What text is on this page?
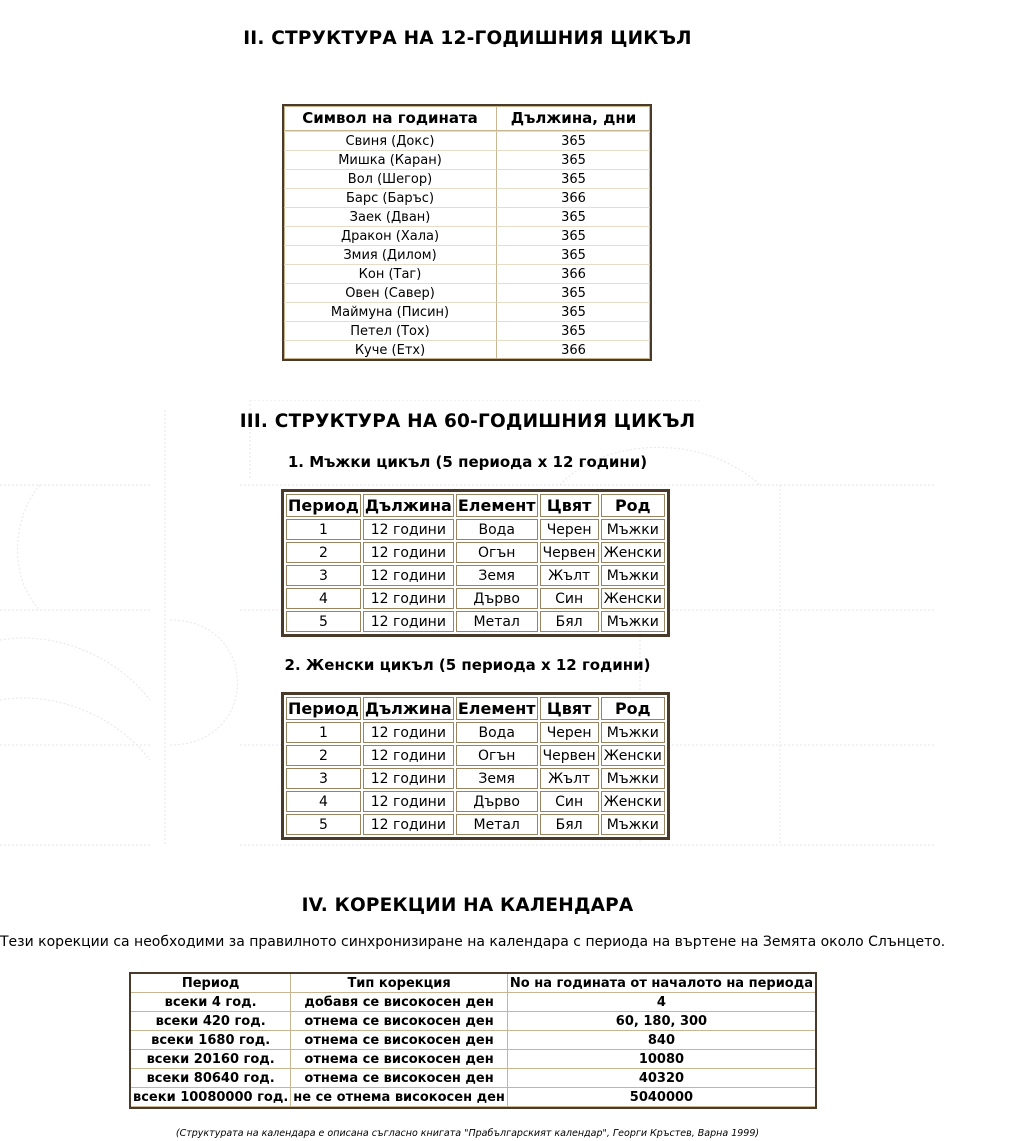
II. СТРУКТУРА НА 12-ГОДИШНИЯ ЦИКЪЛ
Символ на годината	Дължина, дни
Свиня (Докс)	365
Мишка (Каран)	365
Вол (Шегор)	365
Барс (Баръс)	366
Заек (Дван)	365
Дракон (Хала)	365
Змия (Дилом)	365
Кон (Таг)	366
Овен (Савер)	365
Маймуна (Писин)	365
Петел (Тох)	365
Куче (Етх)	366
III. СТРУКТУРА НА 60-ГОДИШНИЯ ЦИКЪЛ
1. Мъжки цикъл (5 периода х 12 години)
Период	Дължина	Елемент	Цвят	Род
1	12 години	Вода	Черен	Мъжки
2	12 години	Огън	Червен	Женски
3	12 години	Земя	Жълт	Мъжки
4	12 години	Дърво	Син	Женски
5	12 години	Метал	Бял	Мъжки
2. Женски цикъл (5 периода х 12 години)
Период	Дължина	Елемент	Цвят	Род
1	12 години	Вода	Черен	Мъжки
2	12 години	Огън	Червен	Женски
3	12 години	Земя	Жълт	Мъжки
4	12 години	Дърво	Син	Женски
5	12 години	Метал	Бял	Мъжки
IV. КОРЕКЦИИ НА КАЛЕНДАРА
Тези корекции са необходими за правилното синхронизиране на календара с периода на въртене на Земята около Слънцето.
Период	Тип корекция	No на годината от началото на периода
всеки 4 год.	добавя се високосен ден	4
всеки 420 год.	отнема се високосен ден	60, 180, 300
всеки 1680 год.	отнема се високосен ден	840
всеки 20160 год.	отнема се високосен ден	10080
всеки 80640 год.	отнема се високосен ден	40320
всеки 10080000 год.	не се отнема високосен ден	5040000
(Структурата на календара е описана съгласно книгата "Прабългарският календар", Георги Кръстев, Варна 1999)
